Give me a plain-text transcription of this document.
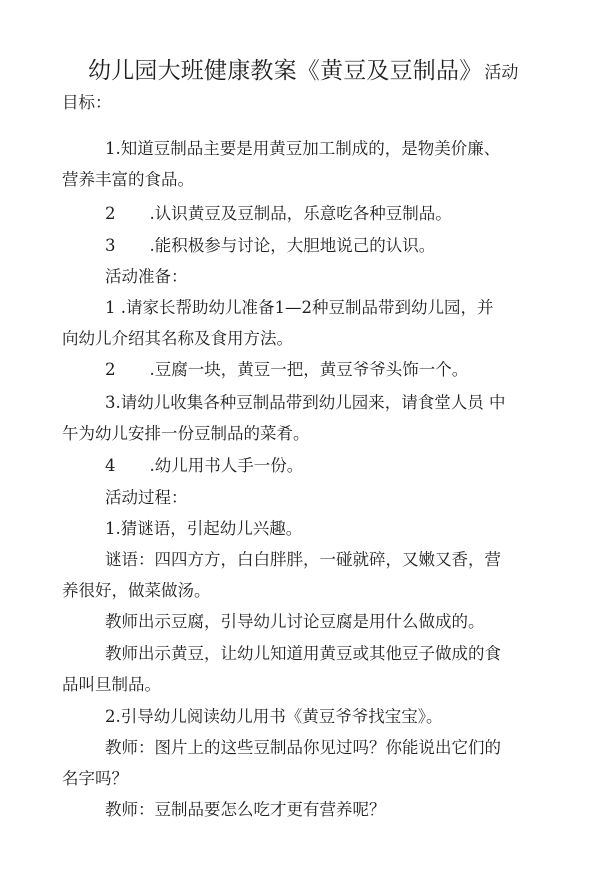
幼儿园大班健康教案《黄豆及豆制品》 活动
目标：
1.知道豆制品主要是用黄豆加工制成的，是物美价廉、
营养丰富的食品。
2 .认识黄豆及豆制品，乐意吃各种豆制品。
3 .能积极参与讨论，大胆地说己的认识。
活动准备：
1 .请家长帮助幼儿准备1—2种豆制品带到幼儿园，并
向幼儿介绍其名称及食用方法。
2 .豆腐一块，黄豆一把，黄豆爷爷头饰一个。
3.请幼儿收集各种豆制品带到幼儿园来，请食堂人员 中
午为幼儿安排一份豆制品的菜肴。
4 .幼儿用书人手一份。
活动过程：
1.猜谜语，引起幼儿兴趣。
谜语：四四方方，白白胖胖，一碰就碎，又嫩又香，营
养很好，做菜做汤。
教师出示豆腐，引导幼儿讨论豆腐是用什么做成的。
教师出示黄豆，让幼儿知道用黄豆或其他豆子做成的食
品叫旦制品。
2.引导幼儿阅读幼儿用书《黄豆爷爷找宝宝》。
教师：图片上的这些豆制品你见过吗？你能说出它们的
名字吗？
教师：豆制品要怎么吃才更有营养呢？
